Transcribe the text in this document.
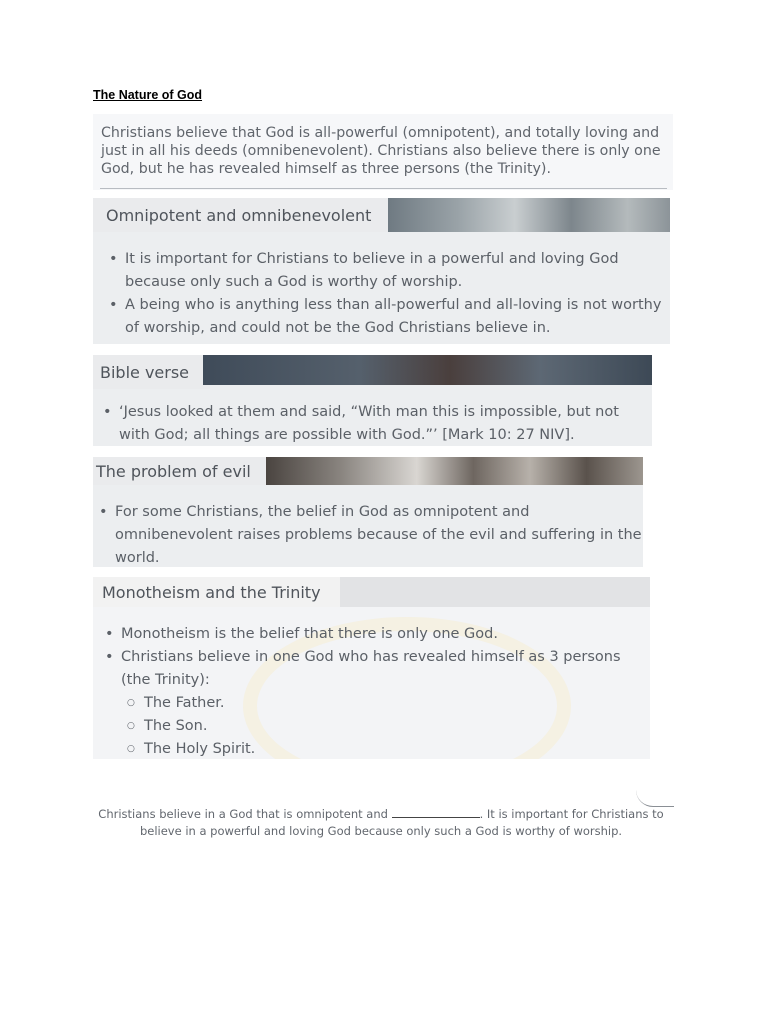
The Nature of God

Christians believe that God is all-powerful (omnipotent), and totally loving and just in all his deeds (omnibenevolent). Christians also believe there is only one God, but he has revealed himself as three persons (the Trinity).

Omnipotent and omnibenevolent
• It is important for Christians to believe in a powerful and loving God because only such a God is worthy of worship.
• A being who is anything less than all-powerful and all-loving is not worthy of worship, and could not be the God Christians believe in.
Bible verse
• ‘Jesus looked at them and said, “With man this is impossible, but not with God; all things are possible with God.”’ [Mark 10: 27 NIV].
The problem of evil
• For some Christians, the belief in God as omnipotent and omnibenevolent raises problems because of the evil and suffering in the world.
Monotheism and the Trinity
• Monotheism is the belief that there is only one God.
• Christians believe in one God who has revealed himself as 3 persons (the Trinity):
○ The Father.
○ The Son.
○ The Holy Spirit.
Christians believe in a God that is omnipotent and	. It is important for Christians to believe in a powerful and loving God because only such a God is worthy of worship.
